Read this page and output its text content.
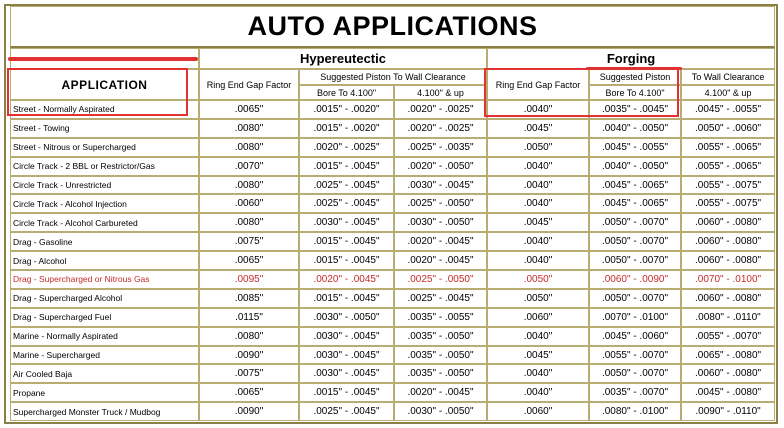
AUTO APPLICATIONS						
	Hypereutectic			Forging		
APPLICATION	Ring End Gap Factor	Suggested Piston To Wall Clearance		Ring End Gap Factor	Suggested Piston	To Wall Clearance
		Bore To 4.100"	4.100" & up		Bore To 4.100"	4.100" & up
Street - Normally Aspirated	.0065"	.0015" - .0020"	.0020" - .0025"	.0040"	.0035" - .0045"	.0045" - .0055"
Street - Towing	.0080"	.0015" - .0020"	.0020" - .0025"	.0045"	.0040" - .0050"	.0050" - .0060"
Street - Nitrous or Supercharged	.0080"	.0020" - .0025"	.0025" - .0035"	.0050"	.0045" - .0055"	.0055" - .0065"
Circle Track - 2 BBL or Restrictor/Gas	.0070"	.0015" - .0045"	.0020" - .0050"	.0040"	.0040" - .0050"	.0055" - .0065"
Circle Track - Unrestricted	.0080"	.0025" - .0045"	.0030" - .0045"	.0040"	.0045" - .0065"	.0055" - .0075"
Circle Track - Alcohol Injection	.0060"	.0025" - .0045"	.0025" - .0050"	.0040"	.0045" - .0065"	.0055" - .0075"
Circle Track - Alcohol Carbureted	.0080"	.0030" - .0045"	.0030" - .0050"	.0045"	.0050" - .0070"	.0060" - .0080"
Drag - Gasoline	.0075"	.0015" - .0045"	.0020" - .0045"	.0040"	.0050" - .0070"	.0060" - .0080"
Drag - Alcohol	.0065"	.0015" - .0045"	.0020" - .0045"	.0040"	.0050" - .0070"	.0060" - .0080"
Drag - Supercharged or Nitrous Gas	.0095"	.0020" - .0045"	.0025" - .0050"	.0050"	.0060" - .0090"	.0070" - .0100"
Drag - Supercharged Alcohol	.0085"	.0015" - .0045"	.0025" - .0045"	.0050"	.0050" - .0070"	.0060" - .0080"
Drag - Supercharged Fuel	.0115"	.0030" - .0050"	.0035" - .0055"	.0060"	.0070" - .0100"	.0080" - .0110"
Marine - Normally Aspirated	.0080"	.0030" - .0045"	.0035" - .0050"	.0040"	.0045" - .0060"	.0055" - .0070"
Marine - Supercharged	.0090"	.0030" - .0045"	.0035" - .0050"	.0045"	.0055" - .0070"	.0065" - .0080"
Air Cooled Baja	.0075"	.0030" - .0045"	.0035" - .0050"	.0040"	.0050" - .0070"	.0060" - .0080"
Propane	.0065"	.0015" - .0045"	.0020" - .0045"	.0040"	.0035" - .0070"	.0045" - .0080"
Supercharged Monster Truck / Mudbog	.0090"	.0025" - .0045"	.0030" - .0050"	.0060"	.0080" - .0100"	.0090" - .0110"
